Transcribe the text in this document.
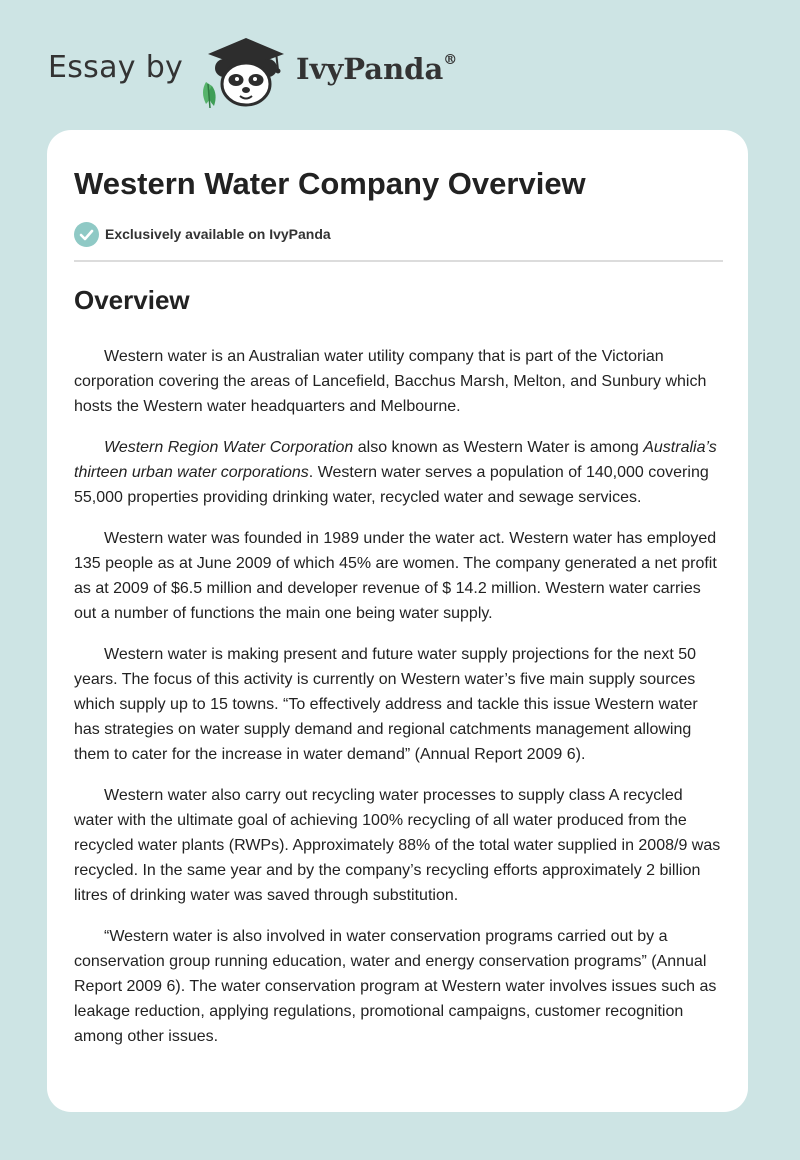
Essay by	IvyPanda®
Western Water Company Overview
Exclusively available on IvyPanda
Overview

Western water is an Australian water utility company that is part of the Victorian corporation covering the areas of Lancefield, Bacchus Marsh, Melton, and Sunbury which hosts the Western water headquarters and Melbourne.

Western Region Water Corporation also known as Western Water is among Australia’s thirteen urban water corporations. Western water serves a population of 140,000 covering 55,000 properties providing drinking water, recycled water and sewage services.

Western water was founded in 1989 under the water act. Western water has employed 135 people as at June 2009 of which 45% are women. The company generated a net profit as at 2009 of $6.5 million and developer revenue of $ 14.2 million. Western water carries out a number of functions the main one being water supply.

Western water is making present and future water supply projections for the next 50 years. The focus of this activity is currently on Western water’s five main supply sources which supply up to 15 towns. “To effectively address and tackle this issue Western water has strategies on water supply demand and regional catchments management allowing them to cater for the increase in water demand” (Annual Report 2009 6).

Western water also carry out recycling water processes to supply class A recycled water with the ultimate goal of achieving 100% recycling of all water produced from the recycled water plants (RWPs). Approximately 88% of the total water supplied in 2008/9 was recycled. In the same year and by the company’s recycling efforts approximately 2 billion litres of drinking water was saved through substitution.

“Western water is also involved in water conservation programs carried out by a conservation group running education, water and energy conservation programs” (Annual Report 2009 6). The water conservation program at Western water involves issues such as leakage reduction, applying regulations, promotional campaigns, customer recognition among other issues.
